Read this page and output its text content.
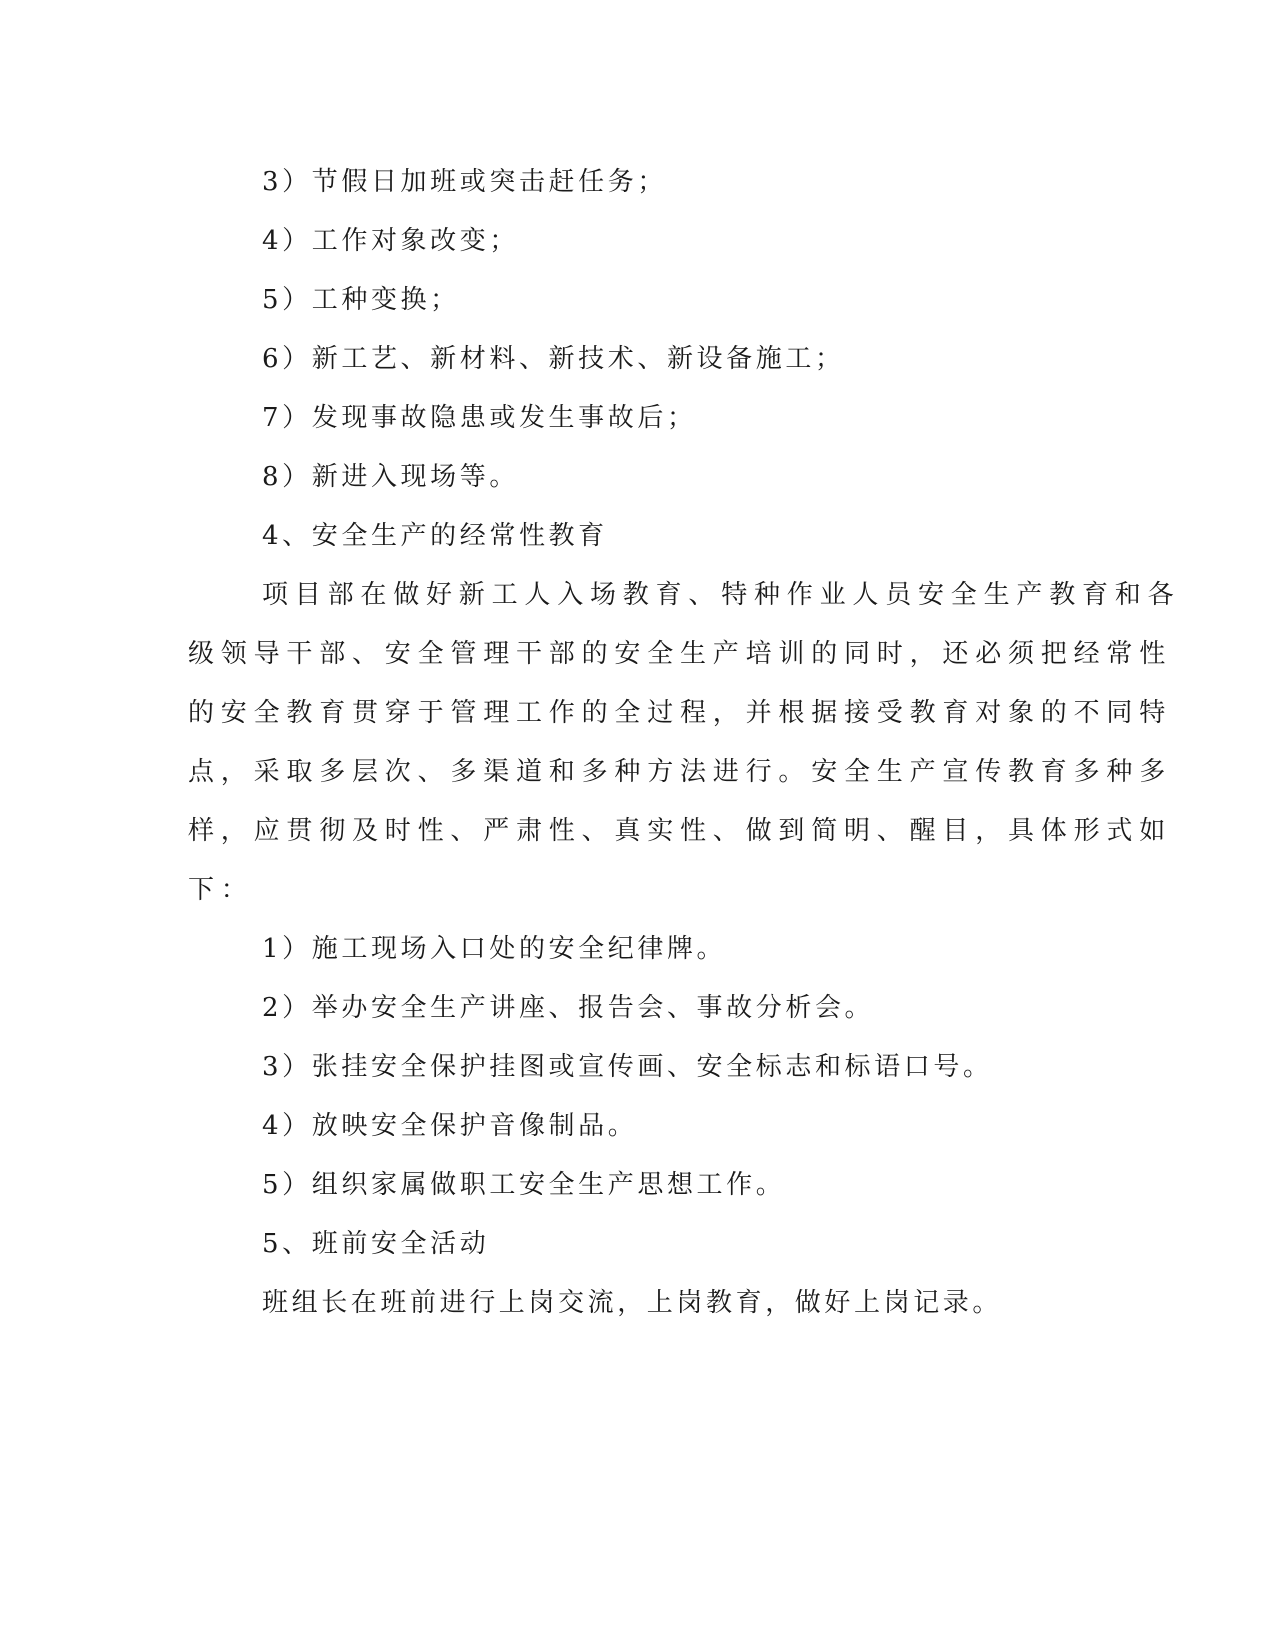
3）节假日加班或突击赶任务；
4）工作对象改变；
5）工种变换；
6）新工艺、新材料、新技术、新设备施工；
7）发现事故隐患或发生事故后；
8）新进入现场等。
4、安全生产的经常性教育
项目部在做好新工人入场教育、特种作业人员安全生产教育和各
级领导干部、安全管理干部的安全生产培训的同时，还必须把经常性
的安全教育贯穿于管理工作的全过程，并根据接受教育对象的不同特
点，采取多层次、多渠道和多种方法进行。安全生产宣传教育多种多
样，应贯彻及时性、严肃性、真实性、做到简明、醒目，具体形式如
下：
1）施工现场入口处的安全纪律牌。
2）举办安全生产讲座、报告会、事故分析会。
3）张挂安全保护挂图或宣传画、安全标志和标语口号。
4）放映安全保护音像制品。
5）组织家属做职工安全生产思想工作。
5、班前安全活动
班组长在班前进行上岗交流，上岗教育，做好上岗记录。
